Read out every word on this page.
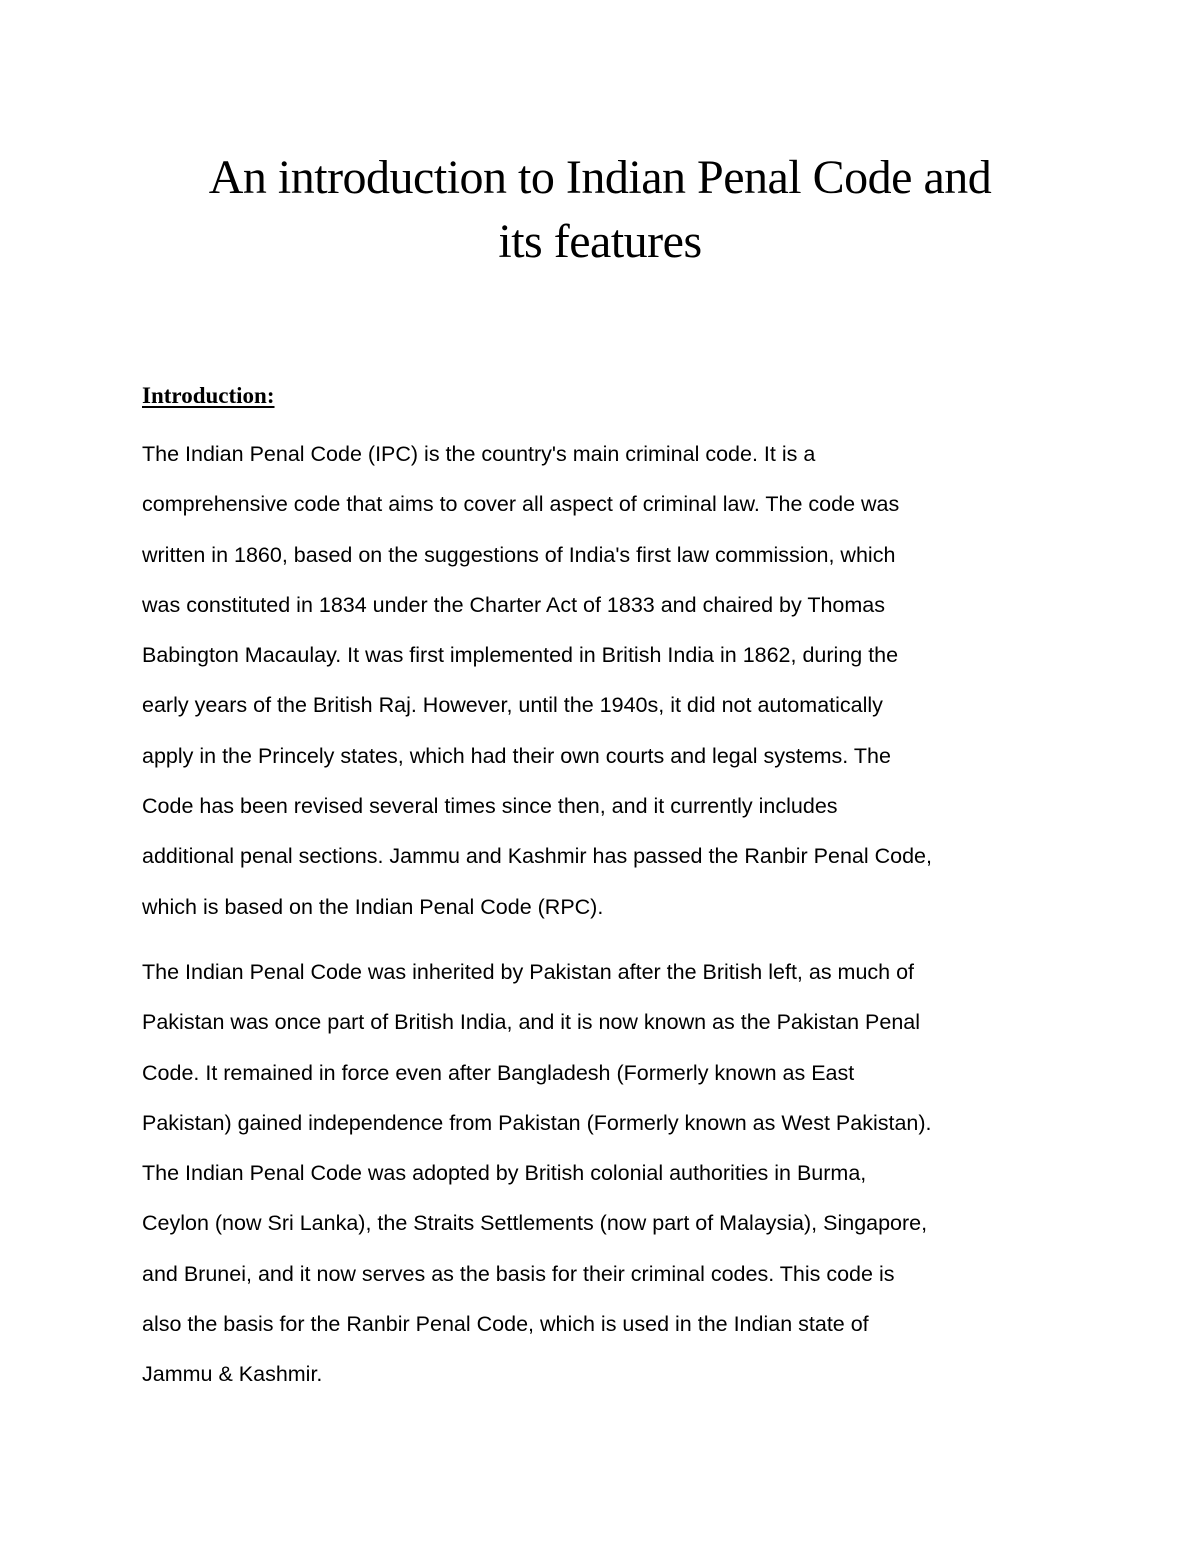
An introduction to Indian Penal Code and
its features
Introduction:

The Indian Penal Code (IPC) is the country's main criminal code. It is a
comprehensive code that aims to cover all aspect of criminal law. The code was
written in 1860, based on the suggestions of India's first law commission, which
was constituted in 1834 under the Charter Act of 1833 and chaired by Thomas
Babington Macaulay. It was first implemented in British India in 1862, during the
early years of the British Raj. However, until the 1940s, it did not automatically
apply in the Princely states, which had their own courts and legal systems. The
Code has been revised several times since then, and it currently includes
additional penal sections. Jammu and Kashmir has passed the Ranbir Penal Code,
which is based on the Indian Penal Code (RPC).

The Indian Penal Code was inherited by Pakistan after the British left, as much of
Pakistan was once part of British India, and it is now known as the Pakistan Penal
Code. It remained in force even after Bangladesh (Formerly known as East
Pakistan) gained independence from Pakistan (Formerly known as West Pakistan).
The Indian Penal Code was adopted by British colonial authorities in Burma,
Ceylon (now Sri Lanka), the Straits Settlements (now part of Malaysia), Singapore,
and Brunei, and it now serves as the basis for their criminal codes. This code is
also the basis for the Ranbir Penal Code, which is used in the Indian state of
Jammu & Kashmir.
